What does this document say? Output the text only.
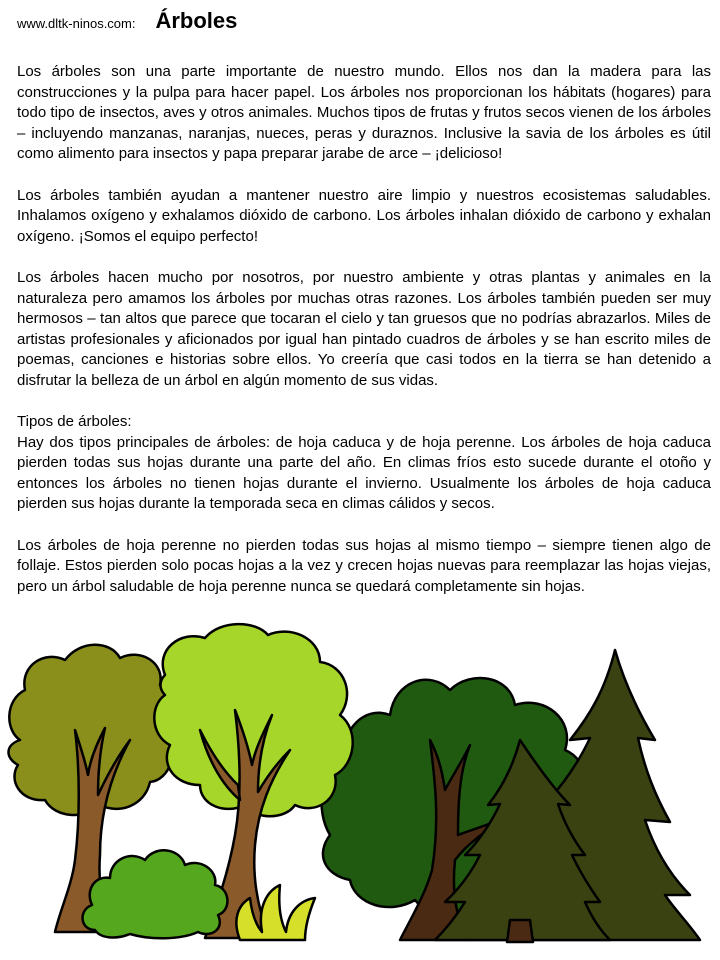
www.dltk-ninos.com: Árboles

Los árboles son una parte importante de nuestro mundo. Ellos nos dan la madera para las construcciones y la pulpa para hacer papel. Los árboles nos proporcionan los hábitats (hogares) para todo tipo de insectos, aves y otros animales. Muchos tipos de frutas y frutos secos vienen de los árboles – incluyendo manzanas, naranjas, nueces, peras y duraznos. Inclusive la savia de los árboles es útil como alimento para insectos y papa preparar jarabe de arce – ¡delicioso!

Los árboles también ayudan a mantener nuestro aire limpio y nuestros ecosistemas saludables. Inhalamos oxígeno y exhalamos dióxido de carbono. Los árboles inhalan dióxido de carbono y exhalan oxígeno. ¡Somos el equipo perfecto!

Los árboles hacen mucho por nosotros, por nuestro ambiente y otras plantas y animales en la naturaleza pero amamos los árboles por muchas otras razones. Los árboles también pueden ser muy hermosos – tan altos que parece que tocaran el cielo y tan gruesos que no podrías abrazarlos. Miles de artistas profesionales y aficionados por igual han pintado cuadros de árboles y se han escrito miles de poemas, canciones e historias sobre ellos. Yo creería que casi todos en la tierra se han detenido a disfrutar la belleza de un árbol en algún momento de sus vidas.

Tipos de árboles:
Hay dos tipos principales de árboles: de hoja caduca y de hoja perenne. Los árboles de hoja caduca pierden todas sus hojas durante una parte del año. En climas fríos esto sucede durante el otoño y entonces los árboles no tienen hojas durante el invierno. Usualmente los árboles de hoja caduca pierden sus hojas durante la temporada seca en climas cálidos y secos.

Los árboles de hoja perenne no pierden todas sus hojas al mismo tiempo – siempre tienen algo de follaje. Estos pierden solo pocas hojas a la vez y crecen hojas nuevas para reemplazar las hojas viejas, pero un árbol saludable de hoja perenne nunca se quedará completamente sin hojas.
